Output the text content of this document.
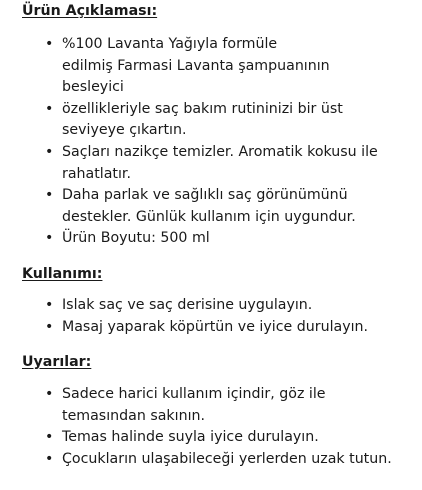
Ürün Açıklaması:
• %100 Lavanta Yağıyla formüle
edilmiş Farmasi Lavanta şampuanının
besleyici
• özellikleriyle saç bakım rutininizi bir üst
seviyeye çıkartın.
• Saçları nazikçe temizler. Aromatik kokusu ile
rahatlatır.
• Daha parlak ve sağlıklı saç görünümünü
destekler. Günlük kullanım için uygundur.
• Ürün Boyutu: 500 ml
Kullanımı:
• Islak saç ve saç derisine uygulayın.
• Masaj yaparak köpürtün ve iyice durulayın.
Uyarılar:
• Sadece harici kullanım içindir, göz ile
temasından sakının.
• Temas halinde suyla iyice durulayın.
• Çocukların ulaşabileceği yerlerden uzak tutun.
